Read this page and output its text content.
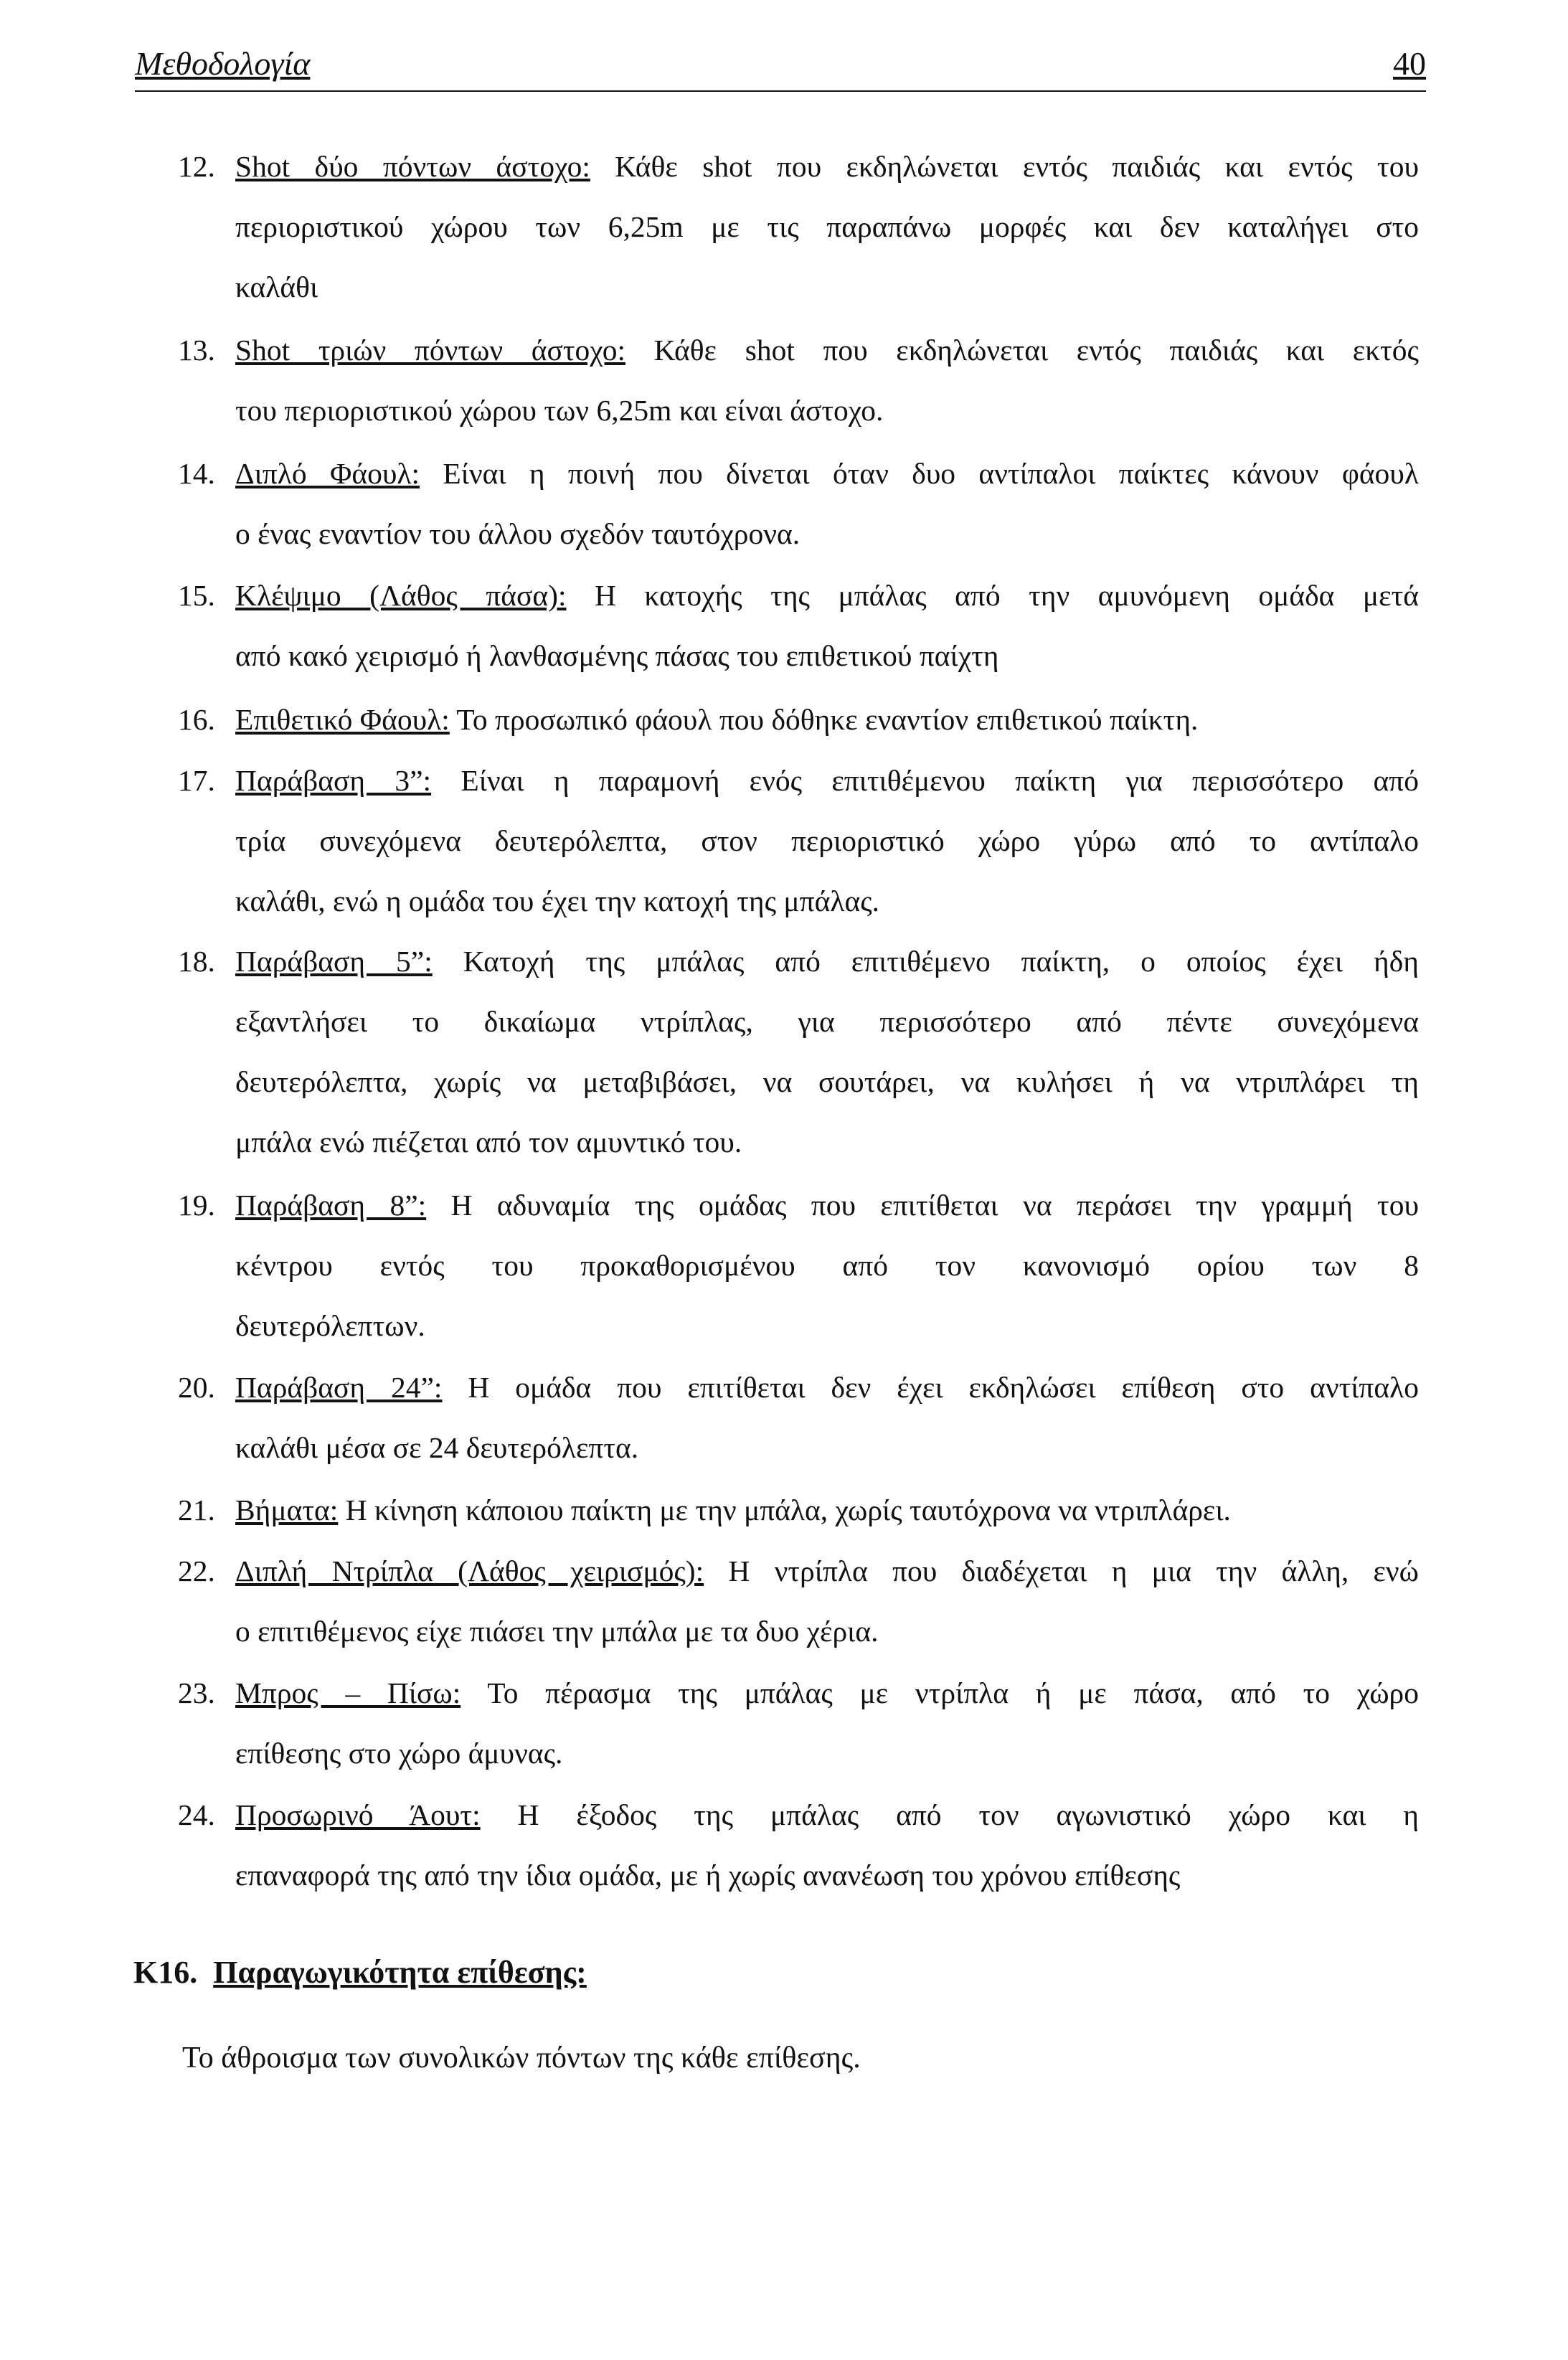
Μεθοδολογία	40
12. Shot δύο πόντων άστοχο: Κάθε shot που εκδηλώνεται εντός παιδιάς και εντός του
περιοριστικού χώρου των 6,25m με τις παραπάνω μορφές και δεν καταλήγει στο
καλάθι
13. Shot τριών πόντων άστοχο: Κάθε shot που εκδηλώνεται εντός παιδιάς και εκτός
του περιοριστικού χώρου των 6,25m και είναι άστοχο.
14. Διπλό Φάουλ: Είναι η ποινή που δίνεται όταν δυο αντίπαλοι παίκτες κάνουν φάουλ
ο ένας εναντίον του άλλου σχεδόν ταυτόχρονα.
15. Κλέψιμο (Λάθος πάσα): Η κατοχής της μπάλας από την αμυνόμενη ομάδα μετά
από κακό χειρισμό ή λανθασμένης πάσας του επιθετικού παίχτη
16. Επιθετικό Φάουλ: Το προσωπικό φάουλ που δόθηκε εναντίον επιθετικού παίκτη.
17. Παράβαση 3”: Είναι η παραμονή ενός επιτιθέμενου παίκτη για περισσότερο από
τρία συνεχόμενα δευτερόλεπτα, στον περιοριστικό χώρο γύρω από το αντίπαλο
καλάθι, ενώ η ομάδα του έχει την κατοχή της μπάλας.
18. Παράβαση 5”: Κατοχή της μπάλας από επιτιθέμενο παίκτη, ο οποίος έχει ήδη
εξαντλήσει το δικαίωμα ντρίπλας, για περισσότερο από πέντε συνεχόμενα
δευτερόλεπτα, χωρίς να μεταβιβάσει, να σουτάρει, να κυλήσει ή να ντριπλάρει τη
μπάλα ενώ πιέζεται από τον αμυντικό του.
19. Παράβαση 8”: Η αδυναμία της ομάδας που επιτίθεται να περάσει την γραμμή του
κέντρου εντός του προκαθορισμένου από τον κανονισμό ορίου των 8
δευτερόλεπτων.
20. Παράβαση 24”: Η ομάδα που επιτίθεται δεν έχει εκδηλώσει επίθεση στο αντίπαλο
καλάθι μέσα σε 24 δευτερόλεπτα.
21. Βήματα: Η κίνηση κάποιου παίκτη με την μπάλα, χωρίς ταυτόχρονα να ντριπλάρει.
22. Διπλή Ντρίπλα (Λάθος χειρισμός): Η ντρίπλα που διαδέχεται η μια την άλλη, ενώ
ο επιτιθέμενος είχε πιάσει την μπάλα με τα δυο χέρια.
23. Μπρος – Πίσω: Το πέρασμα της μπάλας με ντρίπλα ή με πάσα, από το χώρο
επίθεσης στο χώρο άμυνας.
24. Προσωρινό Άουτ: Η έξοδος της μπάλας από τον αγωνιστικό χώρο και η
επαναφορά της από την ίδια ομάδα, με ή χωρίς ανανέωση του χρόνου επίθεσης
K16. Παραγωγικότητα επίθεσης:
Το άθροισμα των συνολικών πόντων της κάθε επίθεσης.
